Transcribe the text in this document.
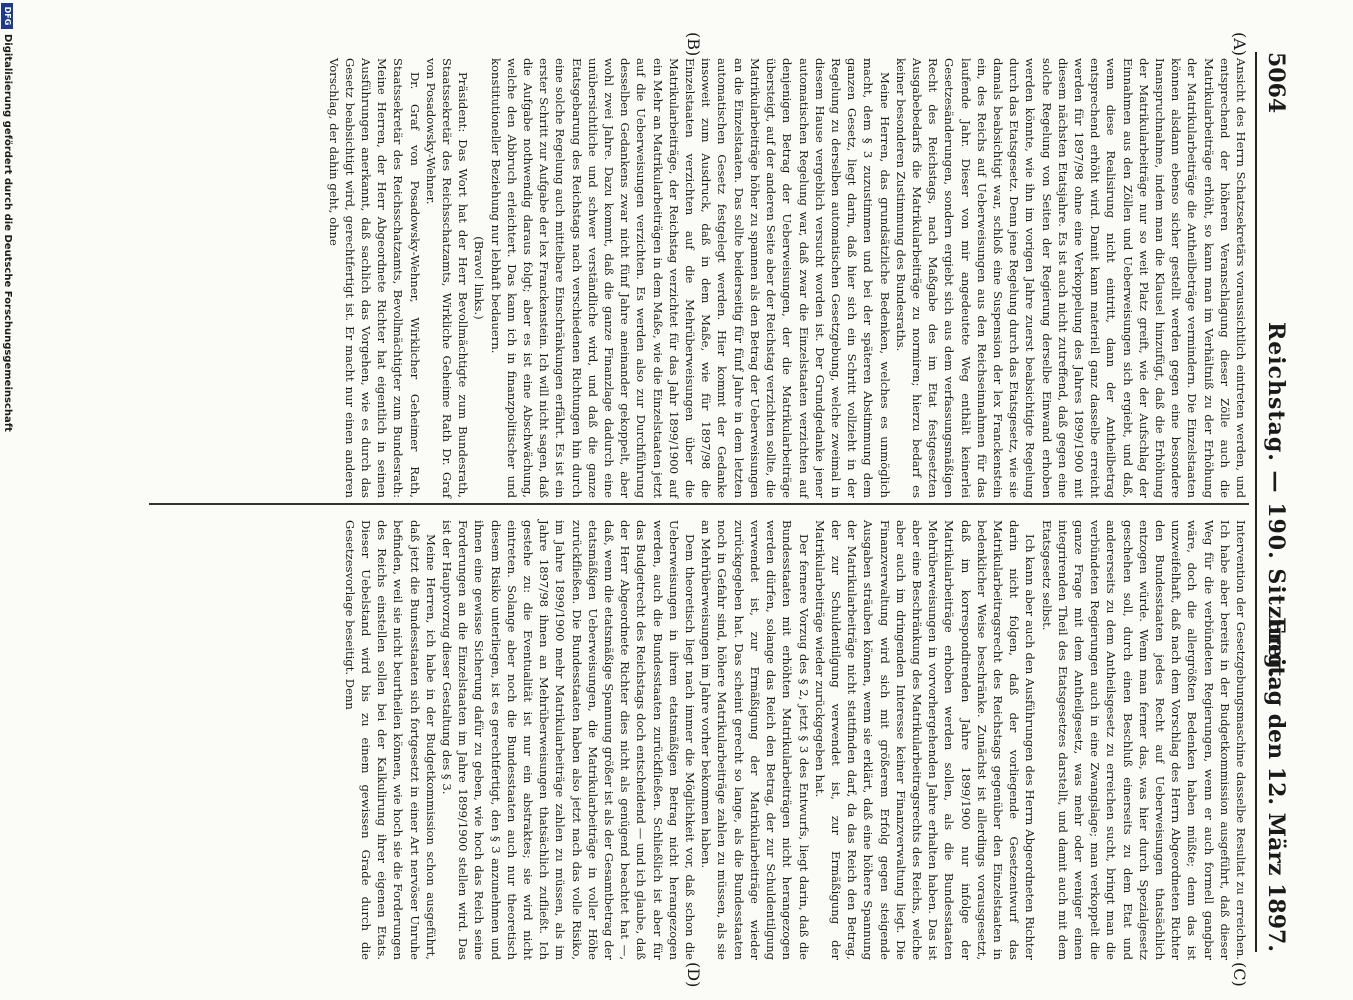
5064
Reichstag. — 190. Sitzung.
Freitag den 12. März 1897.
(A)
(B)
(C)
(D)

Ansicht des Herrn Schatzsekretärs voraussichtlich eintreten werden, und entsprechend der höheren Veranschlagung dieser Zölle auch die Matrikularbeiträge erhöht, so kann man im Verhältniß zu der Erhöhung der Matrikularbeiträge die Antheilbeträge vermindern. Die Einzelstaaten können alsdann ebenso sicher gestellt werden gegen eine besondere Inanspruchnahme, indem man die Klausel hinzufügt, daß die Erhöhung der Matrikularbeiträge nur so weit Platz greift, wie der Aufschlag der Einnahmen aus den Zöllen und Ueberweisungen sich ergiebt, und daß, wenn diese Realisirung nicht eintritt, dann der Antheilbetrag entsprechend erhöht wird. Damit kann materiell ganz dasselbe erreicht werden für 1897/98 ohne eine Verkoppelung des Jahres 1899/1900 mit diesem nächsten Etatsjahre. Es ist auch nicht zutreffend, daß gegen eine solche Regelung von Seiten der Regierung derselbe Einwand erhoben werden könnte, wie ihn im vorigen Jahre zuerst beabsichtigte Regelung durch das Etatsgesetz. Denn jene Regelung durch das Etatsgesetz, wie sie damals beabsichtigt war, schloß eine Suspension der lex Franckenstein ein, des Reichs auf Ueberweisungen aus den Reichseinnahmen für das laufende Jahr. Dieser von mir angedeutete Weg enthält keinerlei Gesetzesänderungen, sondern ergiebt sich aus dem verfassungsmäßigen Recht des Reichstags, nach Maßgabe des im Etat festgesetzten Ausgabebedarfs die Matrikularbeiträge zu normiren; hierzu bedarf es keiner besonderen Zustimmung des Bundesraths.

Meine Herren, das grundsätzliche Bedenken, welches es unmöglich macht, dem § 3 zuzustimmen und bei der späteren Abstimmung dem ganzen Gesetz, liegt darin, daß hier sich ein Schritt vollzieht in der Regelung zu derselben automatischen Gesetzgebung, welche zweimal in diesem Hause vergeblich versucht worden ist. Der Grundgedanke jener automatischen Regelung war, daß zwar die Einzelstaaten verzichten auf denjenigen Betrag der Ueberweisungen, der die Matrikularbeiträge übersteigt, auf der anderen Seite aber der Reichstag verzichten sollte, die Matrikularbeiträge höher zu spannen als den Betrag der Ueberweisungen an die Einzelstaaten. Das sollte beiderseitig für fünf Jahre in dem letzten automatischen Gesetz festgelegt werden. Hier kommt der Gedanke insoweit zum Ausdruck, daß in dem Maße, wie für 1897/98 die Einzelstaaten verzichten auf die Mehrüberweisungen über die Matrikularbeiträge, der Reichstag verzichtet für das Jahr 1899/1900 auf ein Mehr an Matrikularbeiträgen in dem Maße, wie die Einzelstaaten jetzt auf die Ueberweisungen verzichten. Es werden also zur Durchführung desselben Gedankens zwar nicht fünf Jahre aneinander gekoppelt, aber wohl zwei Jahre. Dazu kommt, daß die ganze Finanzlage dadurch eine unübersichtliche und schwer verständliche wird, und daß die ganze Etatsgebarung des Reichstags nach verschiedenen Richtungen hin durch eine solche Regelung auch mittelbare Einschränkungen erfährt. Es ist ein erster Schritt zur Aufgabe der lex Franckenstein. Ich will nicht sagen, daß die Aufgabe nothwendig daraus folgt; aber es ist eine Abschwächung, welche den Abbruch erleichtert. Das kann ich in finanzpolitischer und konstitutioneller Beziehung nur lebhaft bedauern.

(Bravo! links.)

Präsident: Das Wort hat der Herr Bevollmächtigte zum Bundesrath, Staatssekretär des Reichsschatzamts, Wirkliche Geheime Rath Dr. Graf von Posadowsky-Wehner.

Dr. Graf von Posadowsky-Wehner, Wirklicher Geheimer Rath, Staatssekretär des Reichsschatzamts, Bevollmächtigter zum Bundesrath: Meine Herren, der Herr Abgeordnete Richter hat eigentlich in seinen Ausführungen anerkannt, daß sachlich das Vorgehen, wie es durch das Gesetz beabsichtigt wird, gerechtfertigt ist. Er macht nur einen anderen Vorschlag, der dahin geht, ohne

Intervention der Gesetzgebungsmaschine dasselbe Resultat zu erreichen. Ich habe aber bereits in der Budgetkommission ausgeführt, daß dieser Weg für die verbündeten Regierungen, wenn er auch formell gangbar wäre, doch die allergrößten Bedenken haben müßte; denn das ist unzweifelhaft, daß nach dem Vorschlag des Herrn Abgeordneten Richter den Bundesstaaten jedes Recht auf Ueberweisungen thatsächlich entzogen würde. Wenn man ferner das, was hier durch Spezialgesetz geschehen soll, durch einen Beschluß einerseits zu dem Etat und andererseits zu dem Antheilsgesetz zu erreichen sucht, bringt man die verbündeten Regierungen auch in eine Zwangslage; man verkoppelt die ganze Frage mit dem Antheilgesetz, was mehr oder weniger einen integrirenden Theil des Etatsgesetzes darstellt, und damit auch mit dem Etatsgesetz selbst.

Ich kann aber auch den Ausführungen des Herrn Abgeordneten Richter darin nicht folgen, daß der vorliegende Gesetzentwurf das Matrikularbeitragsrecht des Reichstags gegenüber den Einzelstaaten in bedenklicher Weise beschränke. Zunächst ist allerdings vorausgesetzt, daß im korrespondirenden Jahre 1899/1900 nur infolge der Matrikularbeiträge erhoben werden sollen, als die Bundesstaaten Mehrüberweisungen in vorvorhergehenden Jahre erhalten haben. Das ist aber eine Beschränkung des Matrikularbeitragsrechts des Reichs, welche aber auch im dringenden Interesse keiner Finanzverwaltung liegt. Die Finanzverwaltung wird sich mit größerem Erfolg gegen steigende Ausgaben sträuben können, wenn sie erklärt, daß eine höhere Spannung der Matrikularbeiträge nicht stattfinden darf, da das Reich den Betrag, der zur Schuldentilgung verwendet ist, zur Ermäßigung der Matrikularbeiträge wieder zurückgegeben hat.

Der fernere Vorzug des § 2, jetzt § 3 des Entwurfs, liegt darin, daß die Bundesstaaten mit erhöhten Matrikularbeiträgen nicht herangezogen werden dürfen, solange das Reich den Betrag, der zur Schuldentilgung verwendet ist, zur Ermäßigung der Matrikularbeiträge wieder zurückgegeben hat. Das scheint gerecht so lange, als die Bundesstaaten noch in Gefahr sind, höhere Matrikularbeiträge zahlen zu müssen, als sie an Mehrüberweisungen im Jahre vorher bekommen haben.

Dem theoretisch liegt nach immer die Möglichkeit vor, daß schon die Ueberweisungen in ihrem etatsmäßigen Betrag nicht herangezogen werden, auch die Bundesstaaten zurückfließen. Schließlich ist aber für das Budgetrecht des Reichstags doch entscheidend — und ich glaube, daß der Herr Abgeordnete Richter dies nicht als genügend beachtet hat —, daß, wenn die etatsmäßige Spannung größer ist als der Gesamtbetrag der etatsmäßigen Ueberweisungen, die Matrikularbeiträge in voller Höhe zurückfließen. Die Bundesstaaten haben also jetzt nach das volle Risiko, im Jahre 1899/1900 mehr Matrikularbeiträge zahlen zu müssen, als im Jahre 1897/98 ihnen an Mehrüberweisungen thatsächlich zufließt. Ich gestehe zu: die Eventualität ist nur ein abstraktes; sie wird nicht eintreten. Solange aber noch die Bundesstaaten auch nur theoretisch diesem Risiko unterliegen, ist es gerechtfertigt, den § 3 anzunehmen und ihnen eine gewisse Sicherung dafür zu geben, wie hoch das Reich seine Forderungen an die Einzelstaaten im Jahre 1899/1900 stellen wird. Das ist der Hauptvorzug dieser Gestaltung des § 3.

Meine Herren, ich habe in der Budgetkommission schon ausgeführt, daß jetzt die Bundesstaaten sich fortgesetzt in einer Art nervöser Unruhe befinden, weil sie nicht beurtheilen können, wie hoch sie die Forderungen des Reichs einstellen sollen bei der Kalkulirung ihrer eigenen Etats. Dieser Uebelstand wird bis zu einem gewissen Grade durch die Gesetzesvorlage beseitigt. Denn

DFG
Digitalisierung gefördert durch die Deutsche Forschungsgemeinschaft
